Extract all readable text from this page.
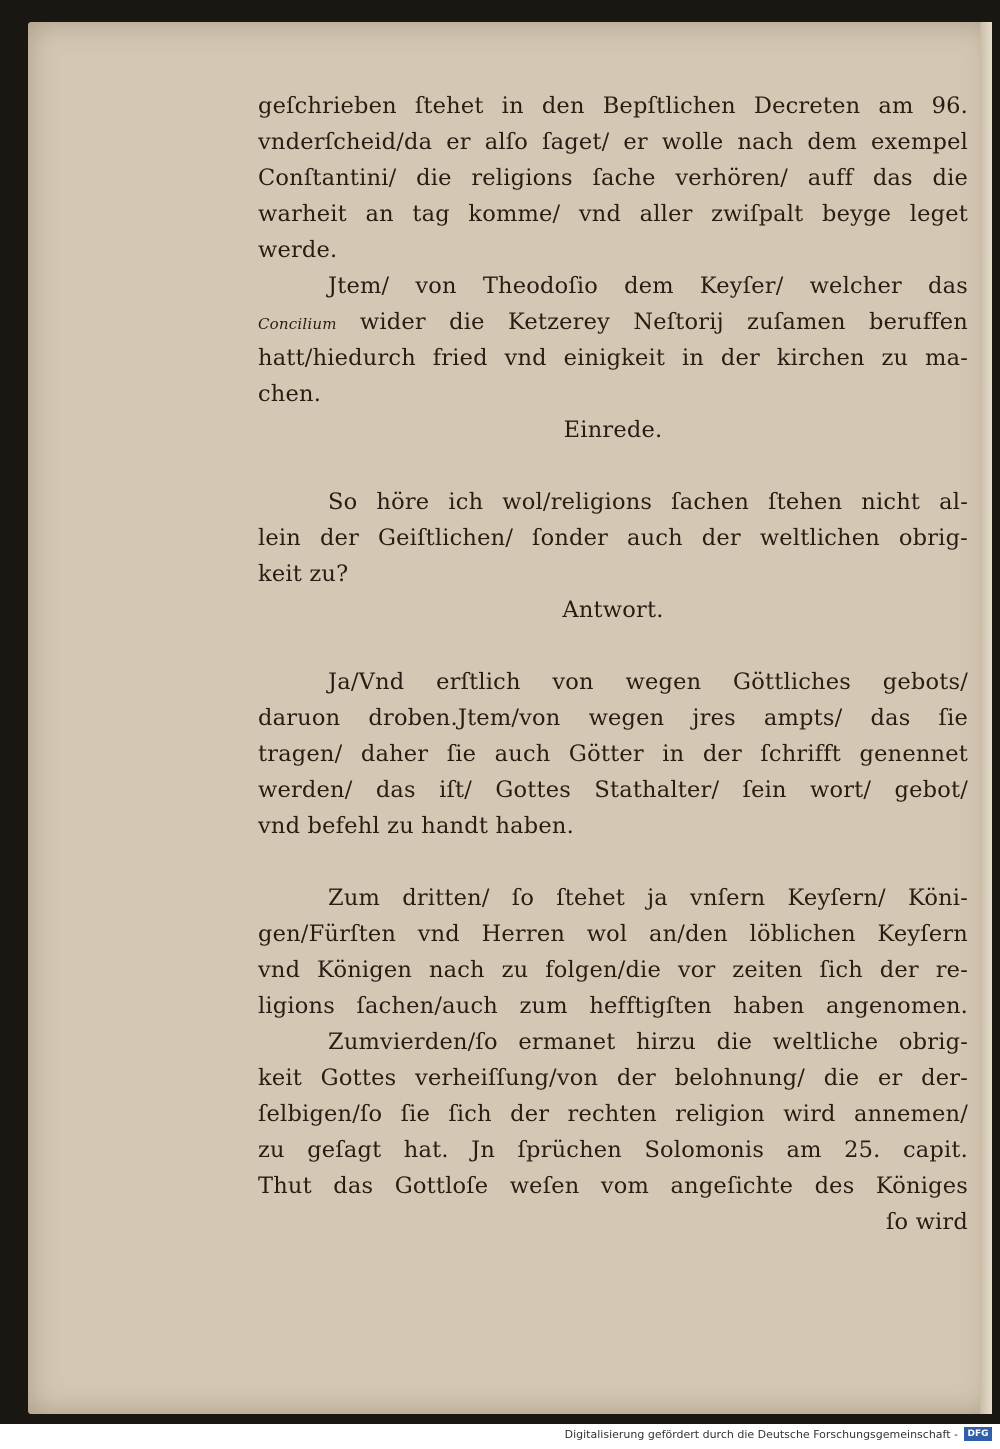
geſchrieben ſtehet in den Bepſtlichen Decreten am 96.
vnderſcheid/da er alſo ſaget/ er wolle nach dem exempel
Conſtantini/ die religions ſache verhören/ auff das die
warheit an tag komme/ vnd aller zwiſpalt beyge leget
werde.
Jtem/ von Theodoſio dem Keyſer/ welcher das
Concilium wider die Ketzerey Neſtorij zuſamen beruffen
hatt/hiedurch fried vnd einigkeit in der kirchen zu ma-
chen.
Einrede.
So höre ich wol/religions ſachen ſtehen nicht al-
lein der Geiſtlichen/ ſonder auch der weltlichen obrig-
keit zu?
Antwort.
Ja/Vnd erſtlich von wegen Göttliches gebots/
daruon droben.Jtem/von wegen jres ampts/ das ſie
tragen/ daher ſie auch Götter in der ſchrifft genennet
werden/ das iſt/ Gottes Stathalter/ ſein wort/ gebot/
vnd befehl zu handt haben.
Zum dritten/ ſo ſtehet ja vnſern Keyſern/ Köni-
gen/Fürſten vnd Herren wol an/den löblichen Keyſern
vnd Königen nach zu folgen/die vor zeiten ſich der re-
ligions ſachen/auch zum hefftigſten haben angenomen.
Zumvierden/ſo ermanet hirzu die weltliche obrig-
keit Gottes verheiſſung/von der belohnung/ die er der-
ſelbigen/ſo ſie ſich der rechten religion wird annemen/
zu geſagt hat. Jn ſprüchen Solomonis am 25. capit.
Thut das Gottloſe weſen vom angeſichte des Königes
ſo wird
Digitalisierung gefördert durch die Deutsche Forschungsgemeinschaft -	DFG
